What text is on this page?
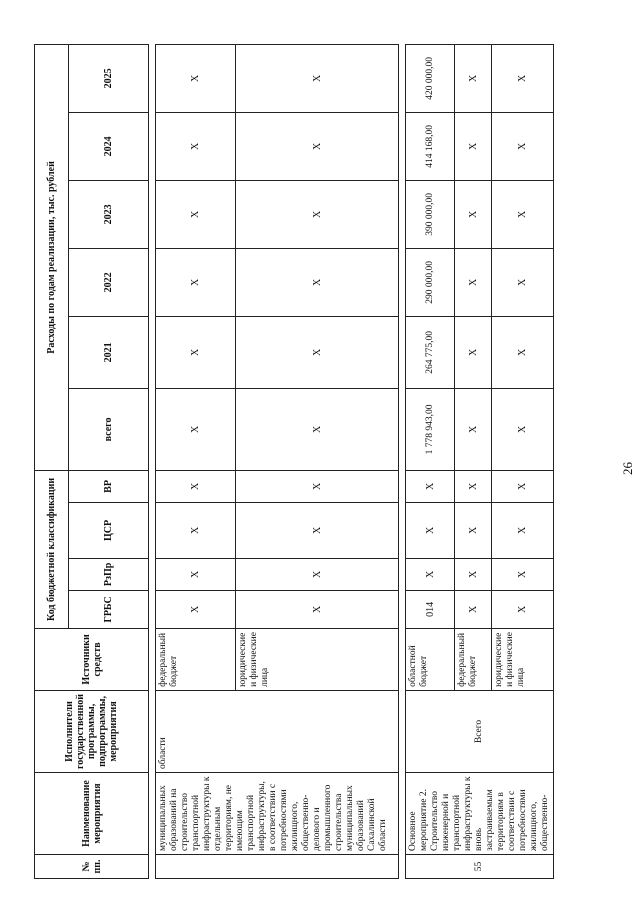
26
№ пп.	Наименование мероприятия	Исполнители государственной программы, подпрограммы, мероприятия	Источники средств	Код бюджетной классификации				Расходы по годам реализации, тыс. рублей					
				ГРБС	РзПр	ЦСР	ВР	всего	2021	2022	2023	2024	2025

	муниципальных образований на строительство транспортной инфраструктуры к отдельным территориям, не имеющим транспортной инфраструктуры, в соответствии с потребностями жилищного, общественно-делового и промышленного строительства муниципальных образований Сахалинской области	области	федеральный бюджет	X	X	X	X	X	X	X	X	X	X
			юридические и физические лица	X	X	X	X	X	X	X	X	X	X

55	Основное мероприятие 2. Строительство инженерной и транспортной инфраструктуры к вновь застраиваемым территориям в соответствии с потребностями жилищного, общественно-	Всего	областной бюджет	014	X	X	X	1 778 943,00	264 775,00	290 000,00	390 000,00	414 168,00	420 000,00
			федеральный бюджет	X	X	X	X	X	X	X	X	X	X
			юридические и физические лица	X	X	X	X	X	X	X	X	X	X
